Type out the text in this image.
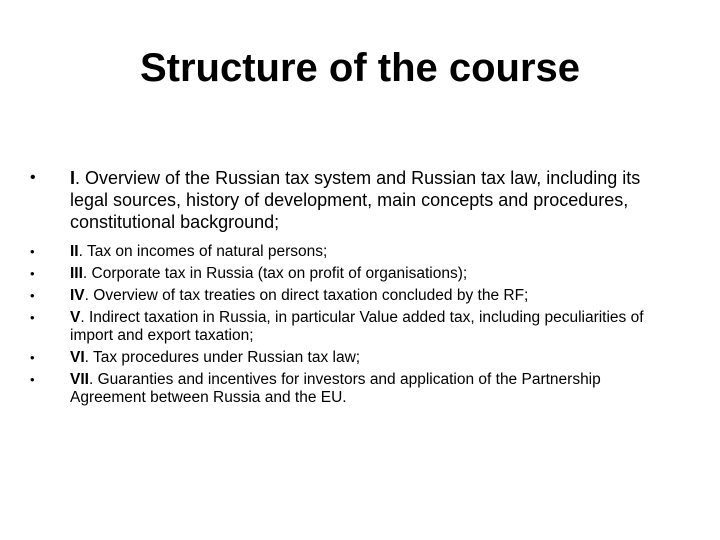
Structure of the course
•	I. Overview of the Russian tax system and Russian tax law, including its legal sources, history of development, main concepts and procedures, constitutional background;
•	II. Tax on incomes of natural persons;
•	III. Corporate tax in Russia (tax on profit of organisations);
•	IV. Overview of tax treaties on direct taxation concluded by the RF;
•	V. Indirect taxation in Russia, in particular Value added tax, including peculiarities of import and export taxation;
•	VI. Tax procedures under Russian tax law;
•	VII. Guaranties and incentives for investors and application of the Partnership Agreement between Russia and the EU.
